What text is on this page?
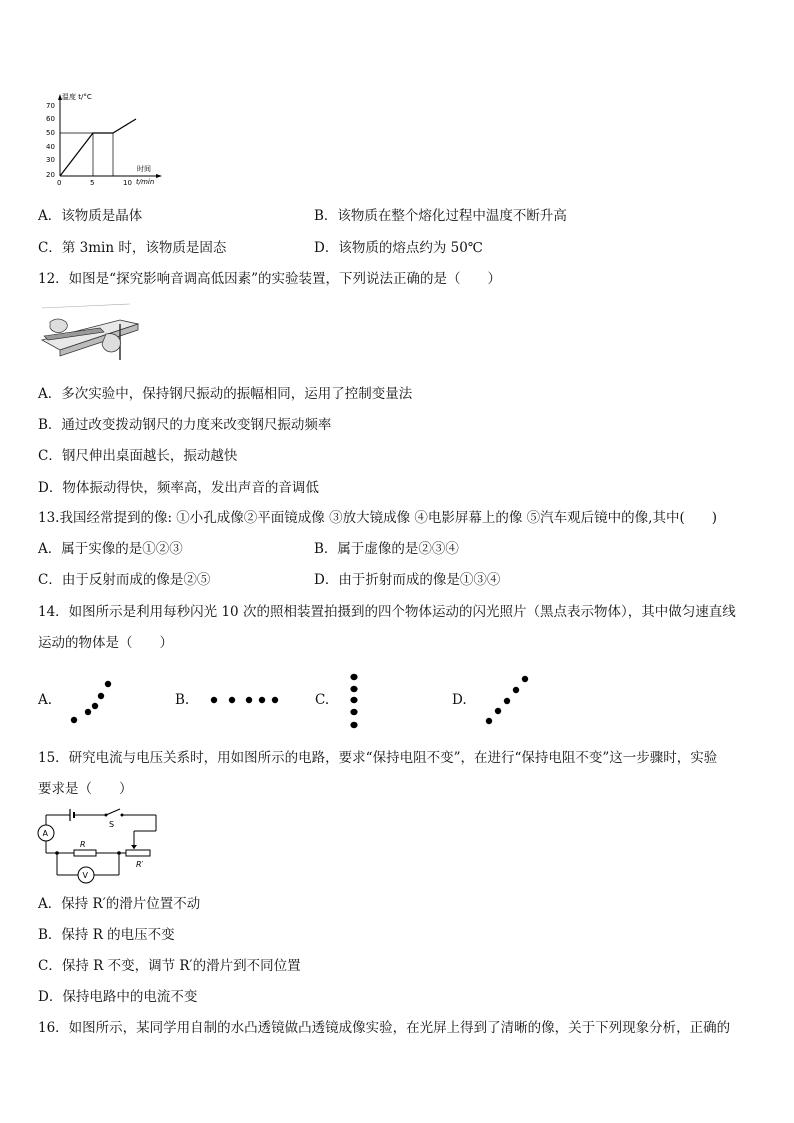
温度 t/°C
70
60
50
40
30
20
0	5	10
时间
t/min
A．该物质是晶体	B．该物质在整个熔化过程中温度不断升高
C．第 3min 时，该物质是固态	D．该物质的熔点约为 50℃
12．如图是“探究影响音调高低因素”的实验装置，下列说法正确的是（　　）
A．多次实验中，保持钢尺振动的振幅相同，运用了控制变量法
B．通过改变拨动钢尺的力度来改变钢尺振动频率
C．钢尺伸出桌面越长，振动越快
D．物体振动得快，频率高，发出声音的音调低
13.我国经常提到的像: ①小孔成像②平面镜成像 ③放大镜成像 ④电影屏幕上的像 ⑤汽车观后镜中的像,其中(　　)
A．属于实像的是①②③	B．属于虚像的是②③④
C．由于反射而成的像是②⑤	D．由于折射而成的像是①③④
14．如图所示是利用每秒闪光 10 次的照相装置拍摄到的四个物体运动的闪光照片（黑点表示物体），其中做匀速直线
运动的物体是（　　）
A.	B.	C.	D.
15．研究电流与电压关系时，用如图所示的电路，要求“保持电阻不变”，在进行“保持电阻不变”这一步骤时，实验
要求是（　　）
S
A
R
R′
V
A．保持 R′的滑片位置不动
B．保持 R 的电压不变
C．保持 R 不变，调节 R′的滑片到不同位置
D．保持电路中的电流不变
16．如图所示，某同学用自制的水凸透镜做凸透镜成像实验，在光屏上得到了清晰的像，关于下列现象分析，正确的
